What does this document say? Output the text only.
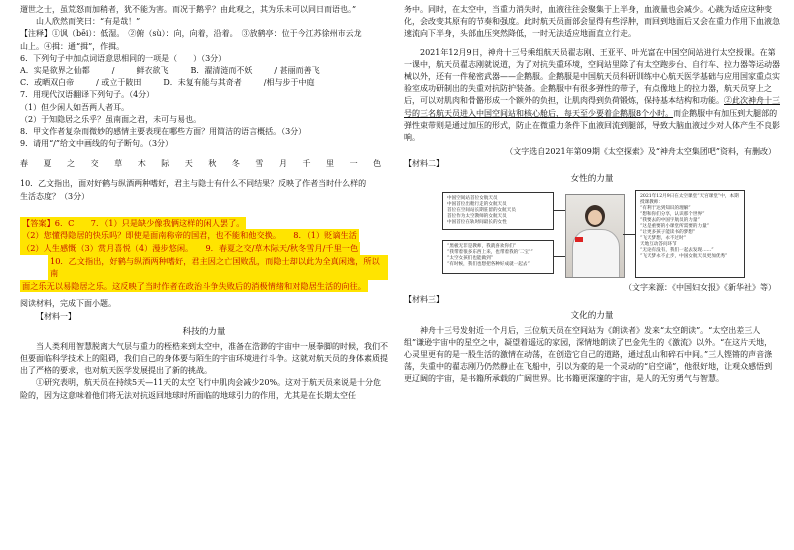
遛世之士，虽荒怒而加稍者，犹不能为害。而况于鹅乎？由此观之，其为乐未可以同日而语也。”

山人欣然而笑曰：“有是哉！”

【注释】①讽（bēi）：低湿。　②俯（sù）：向，向着，沿着。　③放鹤亭：位于今江苏徐州市云龙

山上。④揖：通“揖”，作揖。

6．下列句子中加点词语意思相同的一项是（　　）（3分）

A．实是欲界之仙都	/	鲜衣欲飞	B．濯清涟而不妖	/ 甚丽而善飞
C．或晒双白帝	/ 或立于陂田	D．未复有能与其奇者	/相与步于中庭

7．用现代汉语翻译下列句子。（4分）

（1）但少闲人如吾两人者耳。

（2）于知隐居之乐乎？虽南面之君，未可与易也。

8．甲文作者复杂而微妙的感情主要表现在哪些方面？用简洁的语言概括。（3分）

9．请用“/”给文中画线的句子断句。（3分）

春 夏 之 交 草 木 际 天 秋 冬 雪 月 千 里 一 色

10．乙文指出，面对好鹤与纵酒两种嗜好，君主与隐士有什么不同结果？反映了作者当时什么样的

生活态度？（3分）

【答案】6．C　　7．（1）只是缺少像我俩这样的闲人罢了。
（2）您懂得隐居的快乐吗？即使是面南称帝的国君，也不能和他交换。　　8．（1）贬谪生活
（2）人生感慨（3）赏月喜悦（4）漫步悠闲。　　9．春夏之交/草木际天/秋冬雪月/千里一色
10．乙文指出，好鹤与纵酒两种嗜好，君主因之亡国败乱，而隐士却以此为全真闲逸，所以南
面之乐无以易隐居之乐。这反映了当时作者在政治斗争失败后的消极情绪和对隐居生活的向往。

阅读材料，完成下面小题。

【材料一】

科技的力量

当人类利用智慧脱离大气层与重力的桎梏来到太空中，准备在浩渺的宇宙中一展拳脚的时候，我们不但要面临科学技术上的阻碍，我们自己的身体要与陌生的宇宙环境进行斗争。这就对航天员的身体素质提出了严格的要求，也对航天医学发展提出了新的挑战。

①研究表明，航天员在持续5天—11天的太空飞行中肌肉会减少20%。这对于航天员来说是十分危险的，因为这意味着他们将无法对抗返回地球时所面临的地球引力的作用，尤其是在长期太空任

务中。同时，在太空中，当重力消失时，血液往往会聚集于上半身，血液量也会减少。心跳为适应这种变化，会改变其原有的节奏和强度。此时航天员面部会显得有些浮肿，而回到地面后又会在重力作用下血液急速流向下半身，头部血压突然降低，一时无法适应地面直立行走。

2021年12月9日，神舟十三号乘组航天员翟志刚、王亚平、叶光富在中国空间站进行太空授课。在第一课中，航天员翟志刚就说道，为了对抗失重环境，空间站里除了有太空跑步台、自行车、拉力器等运动器械以外，还有一件秘密武器——企鹅服。企鹅服是中国航天员科研训练中心航天医学基础与应用国家重点实验室成功研制出的失重对抗防护装备。企鹅服中有很多弹性的带子，有点像地上的拉力器，航天员穿上之后，可以对肌肉和骨骼形成一个额外的负担，让肌肉得到负荷锻炼，保持基本结构和功能。②此次神舟十三号的三名航天员进入中国空间站和核心舱后，每天至少要着企鹅服8个小时。而企鹅服中有加压到大腿部的弹性束带则是通过加压的形式，防止在微重力条件下血液回流到腿部，导致大脑血液过少对人体产生不良影响。

（文字选自2021年第09期《太空探索》及“神舟太空集团吧”资料，有删改）

【材料二】

女性的力量

中国空间站首位女航天员
中国首位出舱行走的女航天员
首位在空间站长期驻留的女航天员
首位作为太空教师的女航天员
中国首位在轨时间最长的女性
“黑板无非是教师，我就喜欢你们”
“我带着很多东西上来，也带着我的’二宝’”
“太空女孩们也能做到”
“有时候，我们也想把各种好成就一起去”
2021年12月9日在太空课堂“天宫课堂”中，本期授课教师：
“有利于达到知识的理解”
“想和你们分享，认识那个世界”
“我要去的中国宇航员的力量”
“这是重要的小课堂所需要的力量”
“让更多孩子能读书的梦想”
“飞天梦想，永不过时”
天地互动答问环节
“无论有没有，我们一起去发现……”
“飞天梦永不止步，中国女航天员更加优秀”

（文字来源：《中国妇女报》《新华社》等）

【材料三】

文化的力量

神舟十三号发射近一个月后，三位航天员在空间站为《朗读者》发来“太空朗读”。“太空出差三人组”谦逊宇宙中的星空之中，凝望着遥远的家园，深情地朗读了巴金先生的《激流》以外。“在这片天地，心灵里更有的是一股生活的激情在动荡，在创造它自己的道路，通过乱山和碎石中间。”三人铿锵的声音涤荡，失重中的翟志刚乃仍然静止在飞船中，引以为豪的是一个灵动的“启空诵”，他很好地，让观众感悟到更辽阔的宇宙，是书籍所承载的广阔世界。比书籍更深邃的宇宙，是人的无穷勇气与智慧。
